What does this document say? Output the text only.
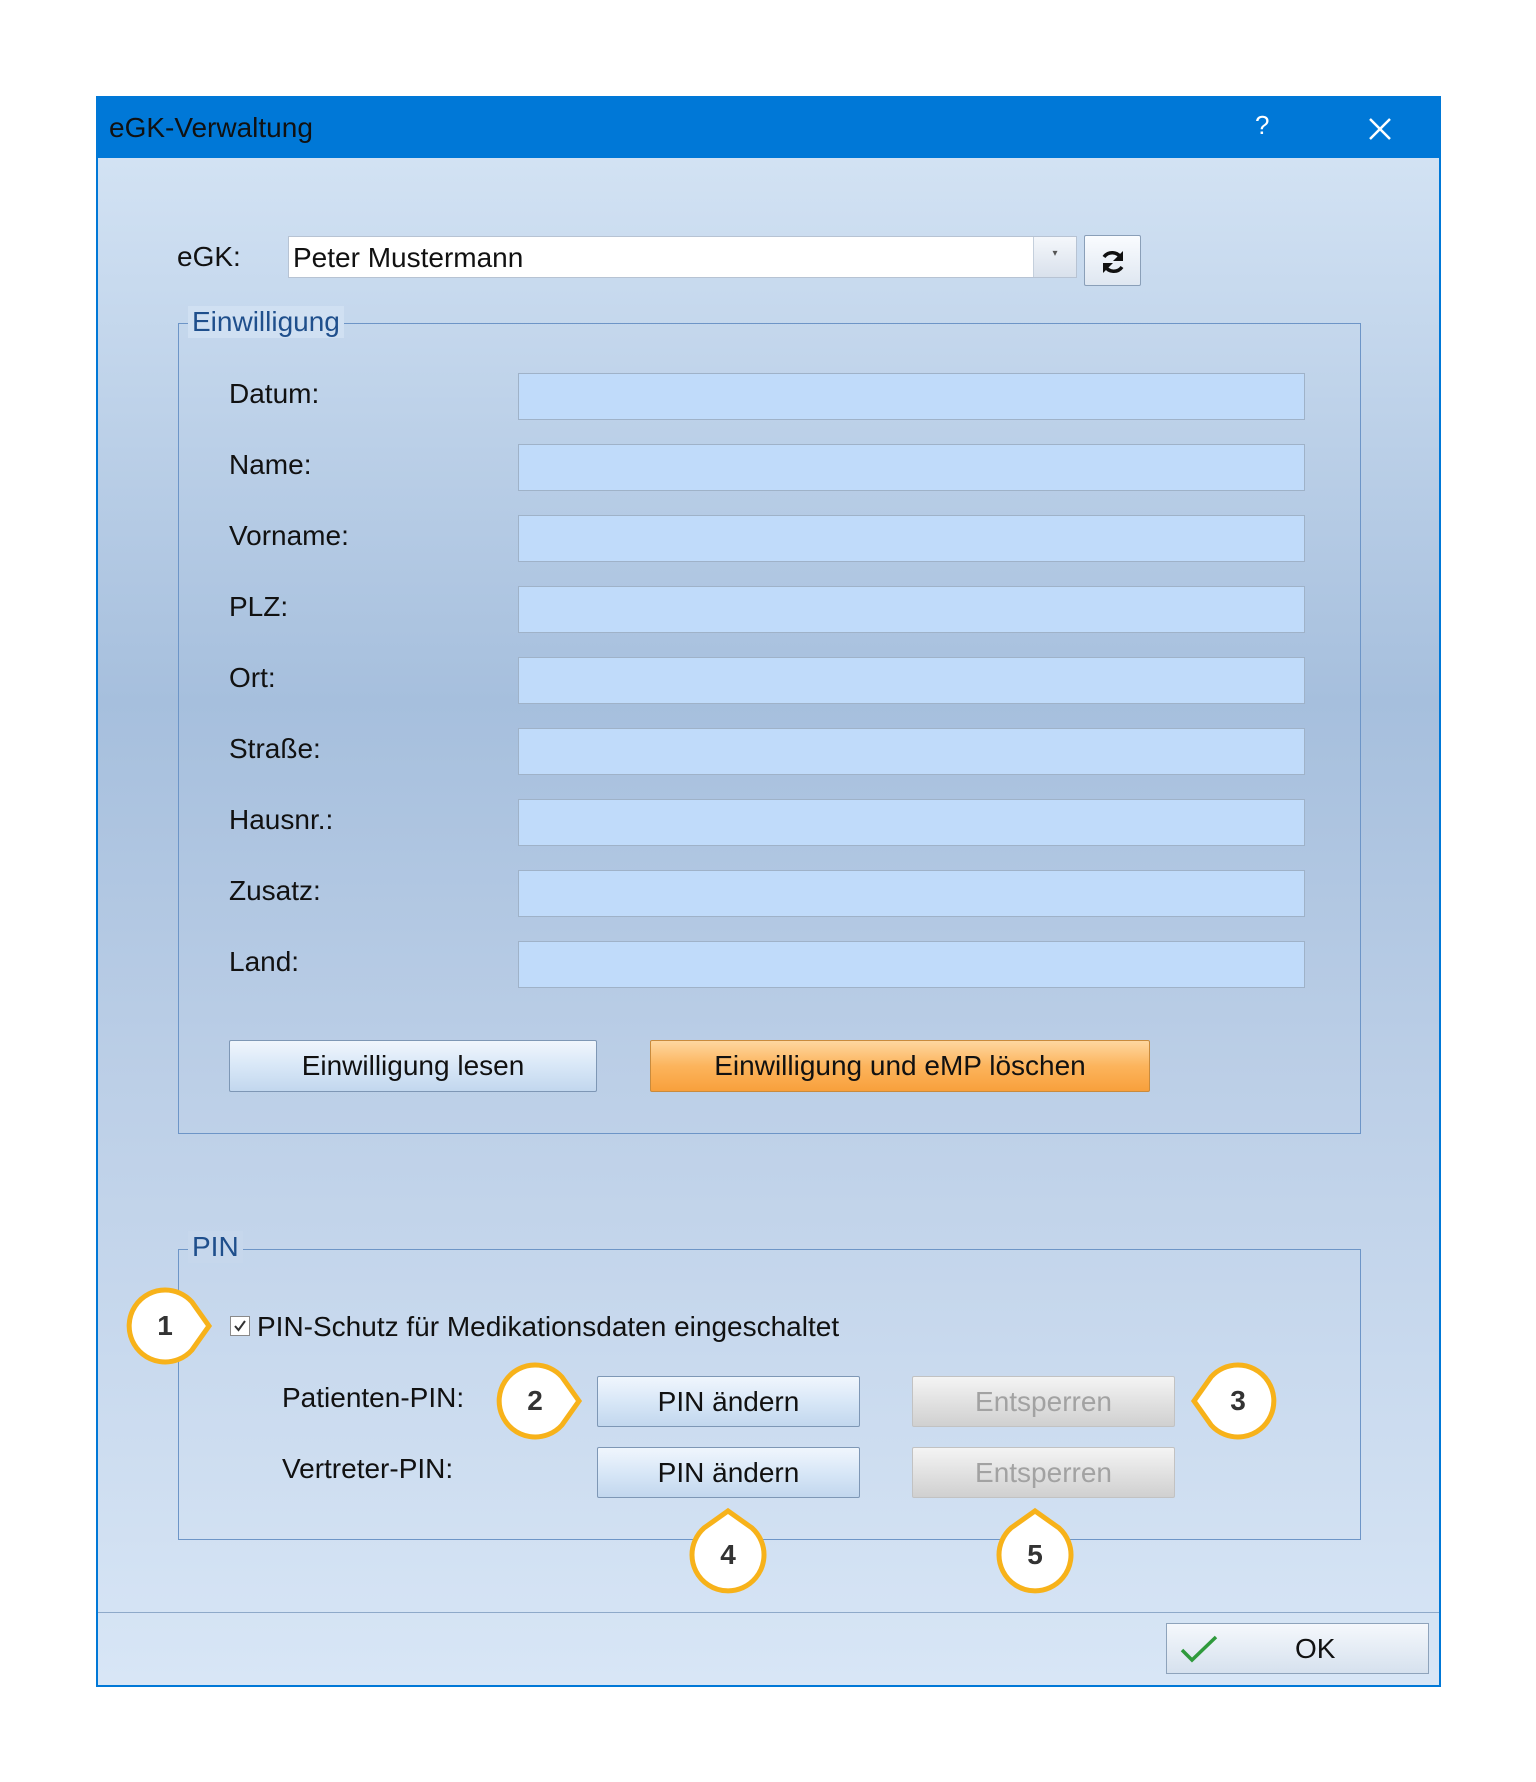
eGK-Verwaltung	?
eGK: Peter Mustermann	▾
Einwilligung
Datum:
Name:
Vorname:
PLZ:
Ort:
Straße:
Hausnr.:
Zusatz:
Land:
Einwilligung lesen	Einwilligung und eMP löschen
PIN
PIN-Schutz für Medikationsdaten eingeschaltet
Patienten-PIN:	PIN ändern	Entsperren
Vertreter-PIN:	PIN ändern	Entsperren
OK
1
2	3
4	5
